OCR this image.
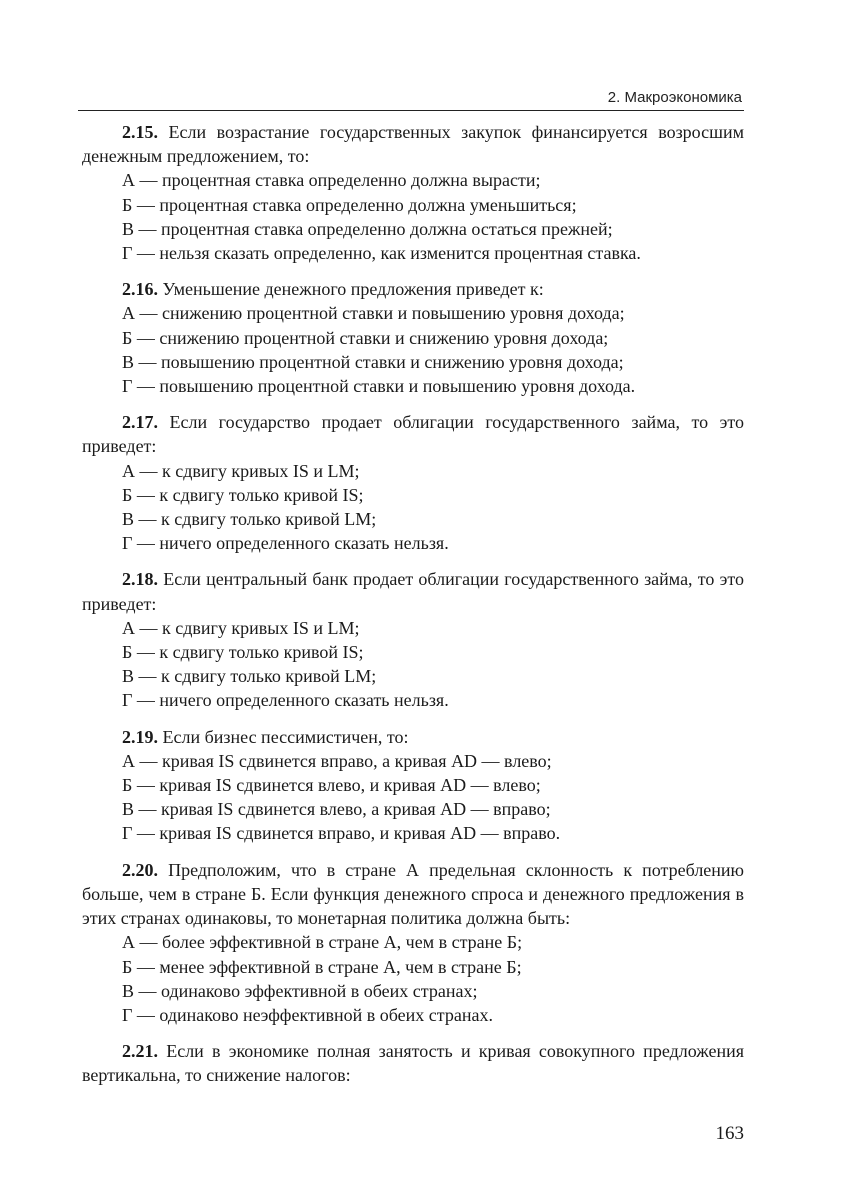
2. Макроэкономика

2.15. Если возрастание государственных закупок финансируется возросшим денежным предложением, то:

А — процентная ставка определенно должна вырасти;

Б — процентная ставка определенно должна уменьшиться;

В — процентная ставка определенно должна остаться прежней;

Г — нельзя сказать определенно, как изменится процентная ставка.

2.16. Уменьшение денежного предложения приведет к:

А — снижению процентной ставки и повышению уровня дохода;

Б — снижению процентной ставки и снижению уровня дохода;

В — повышению процентной ставки и снижению уровня дохода;

Г — повышению процентной ставки и повышению уровня дохода.

2.17. Если государство продает облигации государственного займа, то это приведет:

А — к сдвигу кривых IS и LM;

Б — к сдвигу только кривой IS;

В — к сдвигу только кривой LM;

Г — ничего определенного сказать нельзя.

2.18. Если центральный банк продает облигации государственного займа, то это приведет:

А — к сдвигу кривых IS и LM;

Б — к сдвигу только кривой IS;

В — к сдвигу только кривой LM;

Г — ничего определенного сказать нельзя.

2.19. Если бизнес пессимистичен, то:

А — кривая IS сдвинется вправо, а кривая AD — влево;

Б — кривая IS сдвинется влево, и кривая AD — влево;

В — кривая IS сдвинется влево, а кривая AD — вправо;

Г — кривая IS сдвинется вправо, и кривая AD — вправо.

2.20. Предположим, что в стране А предельная склонность к потреблению больше, чем в стране Б. Если функция денежного спроса и денежного предложения в этих странах одинаковы, то монетарная политика должна быть:

А — более эффективной в стране А, чем в стране Б;

Б — менее эффективной в стране А, чем в стране Б;

В — одинаково эффективной в обеих странах;

Г — одинаково неэффективной в обеих странах.

2.21. Если в экономике полная занятость и кривая совокупного предложения вертикальна, то снижение налогов:

163
